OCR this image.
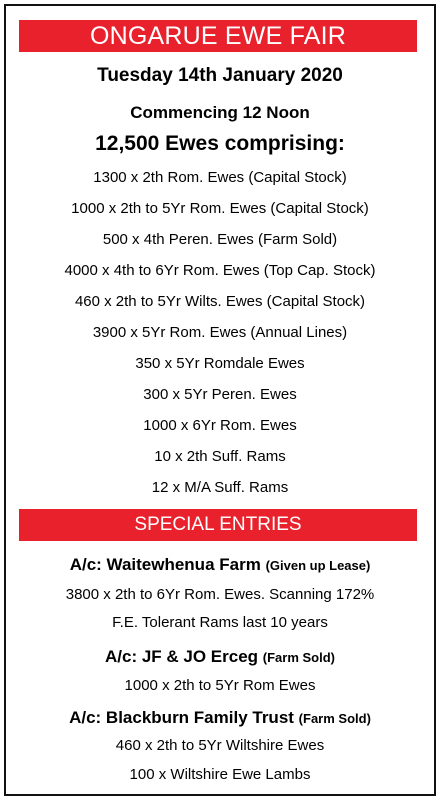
ONGARUE EWE FAIR
Tuesday 14th January 2020
Commencing 12 Noon
12,500 Ewes comprising:
1300 x 2th Rom. Ewes (Capital Stock)
1000 x 2th to 5Yr Rom. Ewes (Capital Stock)
500 x 4th Peren. Ewes (Farm Sold)
4000 x 4th to 6Yr Rom. Ewes (Top Cap. Stock)
460 x 2th to 5Yr Wilts. Ewes (Capital Stock)
3900 x 5Yr Rom. Ewes (Annual Lines)
350 x 5Yr Romdale Ewes
300 x 5Yr Peren. Ewes
1000 x 6Yr Rom. Ewes
10 x 2th Suff. Rams
12 x M/A Suff. Rams
SPECIAL ENTRIES
A/c: Waitewhenua Farm (Given up Lease)
3800 x 2th to 6Yr Rom. Ewes. Scanning 172%
F.E. Tolerant Rams last 10 years
A/c: JF & JO Erceg (Farm Sold)
1000 x 2th to 5Yr Rom Ewes
A/c: Blackburn Family Trust (Farm Sold)
460 x 2th to 5Yr Wiltshire Ewes
100 x Wiltshire Ewe Lambs
